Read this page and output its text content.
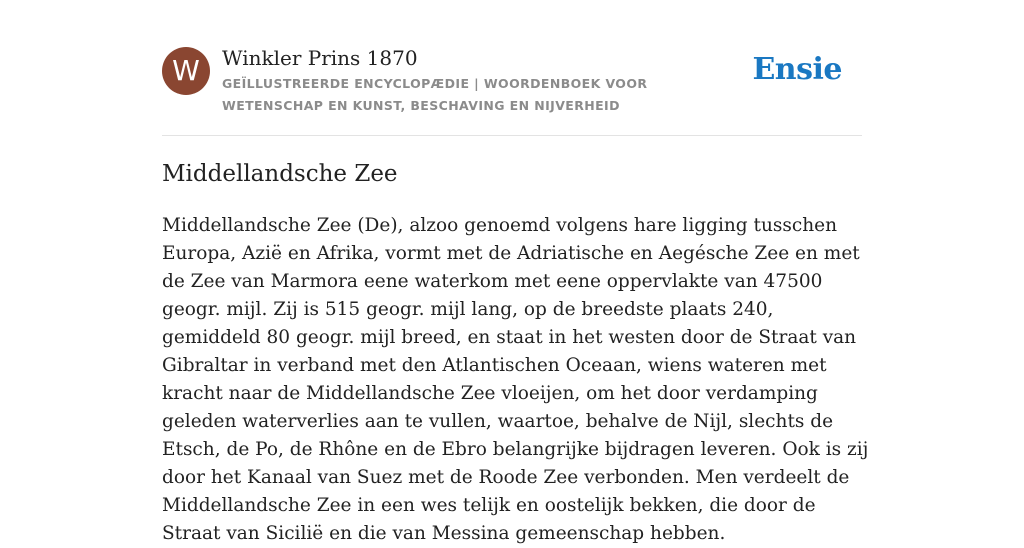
W	Winkler Prins 1870
GEÏLLUSTREERDE ENCYCLOPÆDIE | WOORDENBOEK VOOR WETENSCHAP EN KUNST, BESCHAVING EN NIJVERHEID
Ensie
Middellandsche Zee
Middellandsche Zee (De), alzoo genoemd volgens hare ligging tusschen Europa, Azië en Afrika, vormt met de Adriatische en Aegésche Zee en met de Zee van Marmora eene waterkom met eene oppervlakte van 47500 geogr. mijl. Zij is 515 geogr. mijl lang, op de breedste plaats 240, gemiddeld 80 geogr. mijl breed, en staat in het westen door de Straat van Gibraltar in verband met den Atlantischen Oceaan, wiens wateren met kracht naar de Middellandsche Zee vloeijen, om het door verdamping geleden waterverlies aan te vullen, waartoe, behalve de Nijl, slechts de Etsch, de Po, de Rhône en de Ebro belangrijke bijdragen leveren. Ook is zij door het Kanaal van Suez met de Roode Zee verbonden. Men verdeelt de Middellandsche Zee in een wes telijk en oostelijk bekken, die door de Straat van Sicilië en die van Messina gemeenschap hebben.
